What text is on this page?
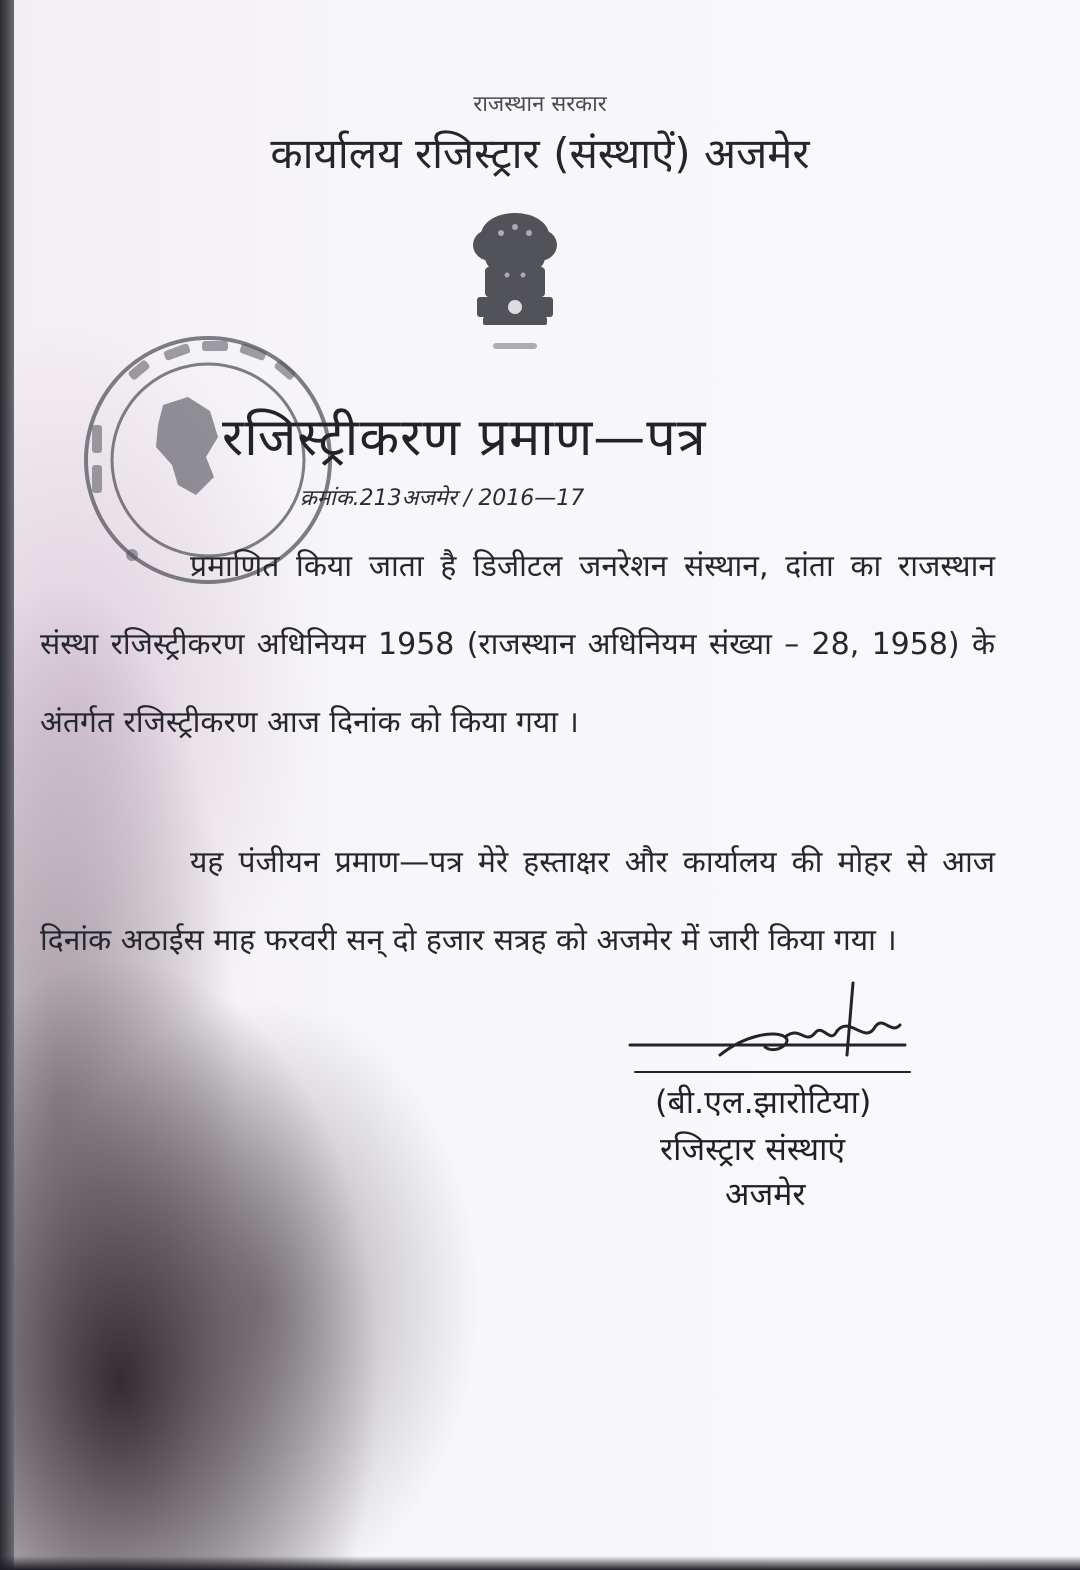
राजस्थान सरकार
कार्यालय रजिस्ट्रार (संस्थाऐं) अजमेर
रजिस्ट्रीकरण प्रमाण—पत्र
क्रमांक.213अजमेर / 2016—17
प्रमाणित किया जाता है डिजीटल जनरेशन संस्थान, दांता का राजस्थान संस्था रजिस्ट्रीकरण अधिनियम 1958 (राजस्थान अधिनियम संख्या – 28, 1958) के अंतर्गत रजिस्ट्रीकरण आज दिनांक को किया गया ।
यह पंजीयन प्रमाण—पत्र मेरे हस्ताक्षर और कार्यालय की मोहर से आज दिनांक अठाईस माह फरवरी सन् दो हजार सत्रह को अजमेर में जारी किया गया ।
(बी.एल.झारोटिया)
रजिस्ट्रार संस्थाएं
अजमेर
